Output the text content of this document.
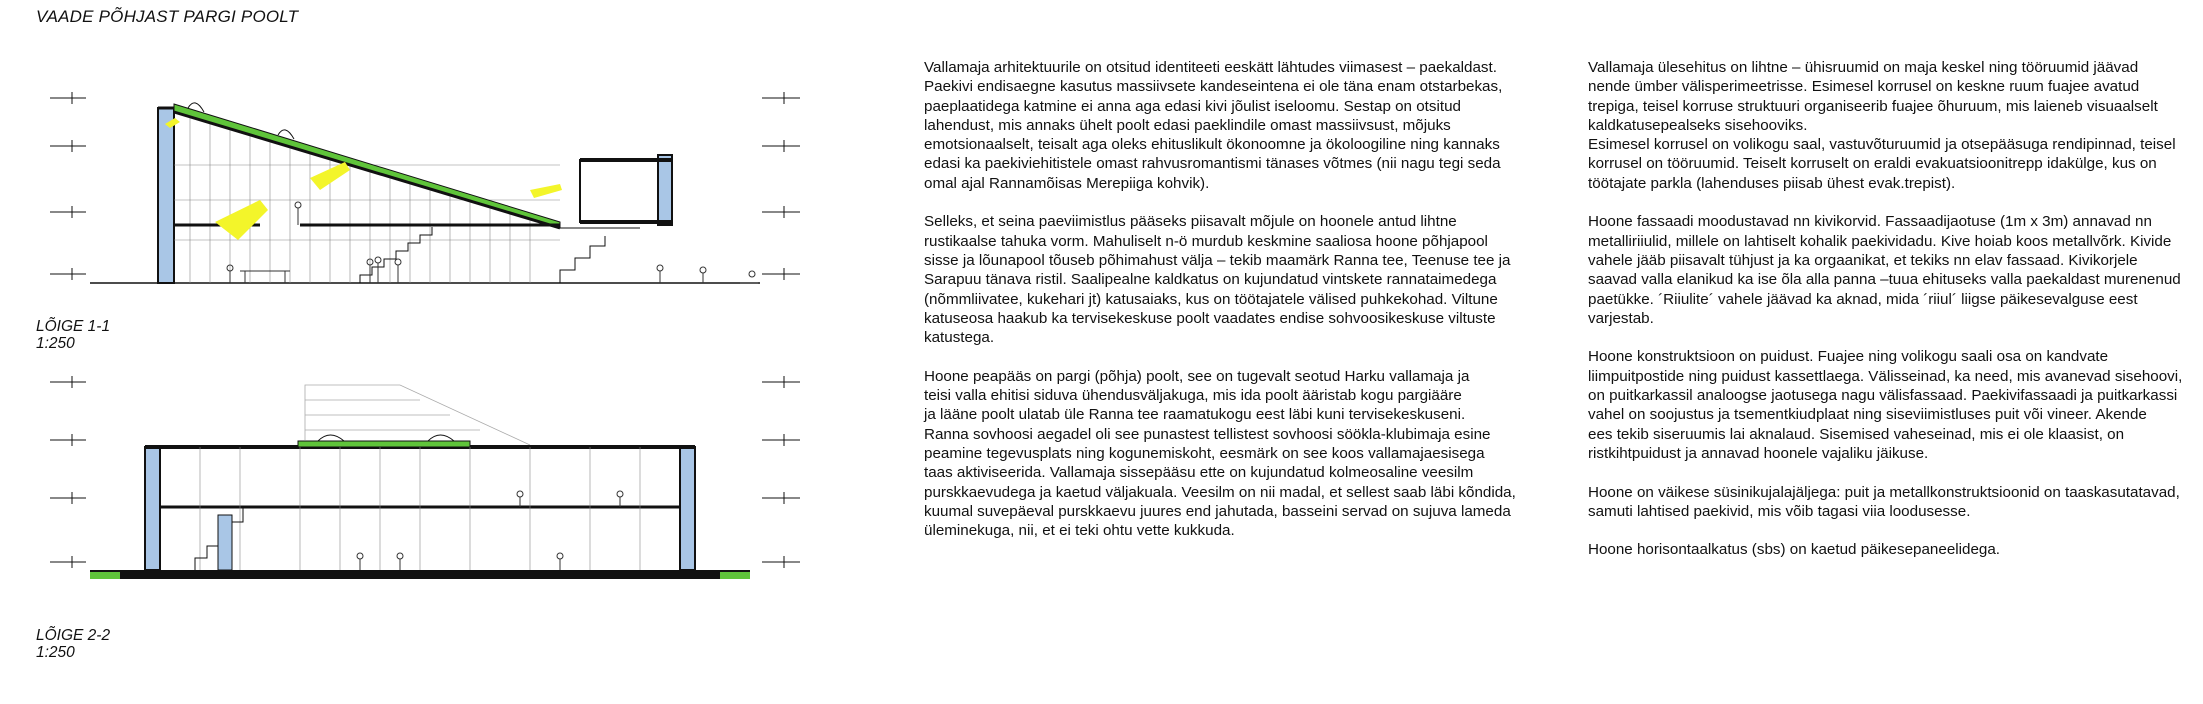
VAADE PÕHJAST PARGI POOLT
LÕIGE 1-1
1:250
LÕIGE 2-2
1:250

Vallamaja arhitektuurile on otsitud identiteeti eeskätt lähtudes viimasest – paekaldast.
Paekivi endisaegne kasutus massiivsete kandeseintena ei ole täna enam otstarbekas,
paeplaatidega katmine ei anna aga edasi kivi jõulist iseloomu. Sestap on otsitud
lahendust, mis annaks ühelt poolt edasi paeklindile omast massiivsust, mõjuks
emotsionaalselt, teisalt aga oleks ehituslikult ökonoomne ja ökoloogiline ning kannaks
edasi ka paekiviehitistele omast rahvusromantismi tänases võtmes (nii nagu tegi seda
omal ajal Rannamõisas Merepiiga kohvik).

Selleks, et seina paeviimistlus pääseks piisavalt mõjule on hoonele antud lihtne
rustikaalse tahuka vorm. Mahuliselt n-ö murdub keskmine saaliosa hoone põhjapool
sisse ja lõunapool tõuseb põhimahust välja – tekib maamärk Ranna tee, Teenuse tee ja
Sarapuu tänava ristil. Saalipealne kaldkatus on kujundatud vintskete rannataimedega
(nõmmliivatee, kukehari jt) katusaiaks, kus on töötajatele välised puhkekohad. Viltune
katuseosa haakub ka tervisekeskuse poolt vaadates endise sohvoosikeskuse viltuste
katustega.

Hoone peapääs on pargi (põhja) poolt, see on tugevalt seotud Harku vallamaja ja
teisi valla ehitisi siduva ühendusväljakuga, mis ida poolt ääristab kogu pargiääre
ja lääne poolt ulatab üle Ranna tee raamatukogu eest läbi kuni tervisekeskuseni.
Ranna sovhoosi aegadel oli see punastest tellistest sovhoosi söökla-klubimaja esine
peamine tegevusplats ning kogunemiskoht, eesmärk on see koos vallamajaesisega
taas aktiviseerida. Vallamaja sissepääsu ette on kujundatud kolmeosaline veesilm
purskkaevudega ja kaetud väljakuala. Veesilm on nii madal, et sellest saab läbi kõndida,
kuumal suvepäeval purskkaevu juures end jahutada, basseini servad on sujuva lameda
üleminekuga, nii, et ei teki ohtu vette kukkuda.

Vallamaja ülesehitus on lihtne – ühisruumid on maja keskel ning tööruumid jäävad
nende ümber välisperimeetrisse. Esimesel korrusel on keskne ruum fuajee avatud
trepiga, teisel korruse struktuuri organiseerib fuajee õhuruum, mis laieneb visuaalselt
kaldkatusepealseks sisehooviks.
Esimesel korrusel on volikogu saal, vastuvõturuumid ja otsepääsuga rendipinnad, teisel
korrusel on tööruumid. Teiselt korruselt on eraldi evakuatsioonitrepp idakülge, kus on
töötajate parkla (lahenduses piisab ühest evak.trepist).

Hoone fassaadi moodustavad nn kivikorvid. Fassaadijaotuse (1m x 3m) annavad nn
metalliriiulid, millele on lahtiselt kohalik paekividadu. Kive hoiab koos metallvõrk. Kivide
vahele jääb piisavalt tühjust ja ka orgaanikat, et tekiks nn elav fassaad. Kivikorjele
saavad valla elanikud ka ise õla alla panna –tuua ehituseks valla paekaldast murenenud
paetükke. ´Riiulite´ vahele jäävad ka aknad, mida ´riiul´ liigse päikesevalguse eest
varjestab.

Hoone konstruktsioon on puidust. Fuajee ning volikogu saali osa on kandvate
liimpuitpostide ning puidust kassettlaega. Välisseinad, ka need, mis avanevad sisehoovi,
on puitkarkassil analoogse jaotusega nagu välisfassaad. Paekivifassaadi ja puitkarkassi
vahel on soojustus ja tsementkiudplaat ning siseviimistluses puit või vineer. Akende
ees tekib siseruumis lai aknalaud. Sisemised vaheseinad, mis ei ole klaasist, on
ristkihtpuidust ja annavad hoonele vajaliku jäikuse.

Hoone on väikese süsinikujalajäljega: puit ja metallkonstruktsioonid on taaskasutatavad,
samuti lahtised paekivid, mis võib tagasi viia loodusesse.

Hoone horisontaalkatus (sbs) on kaetud päikesepaneelidega.
